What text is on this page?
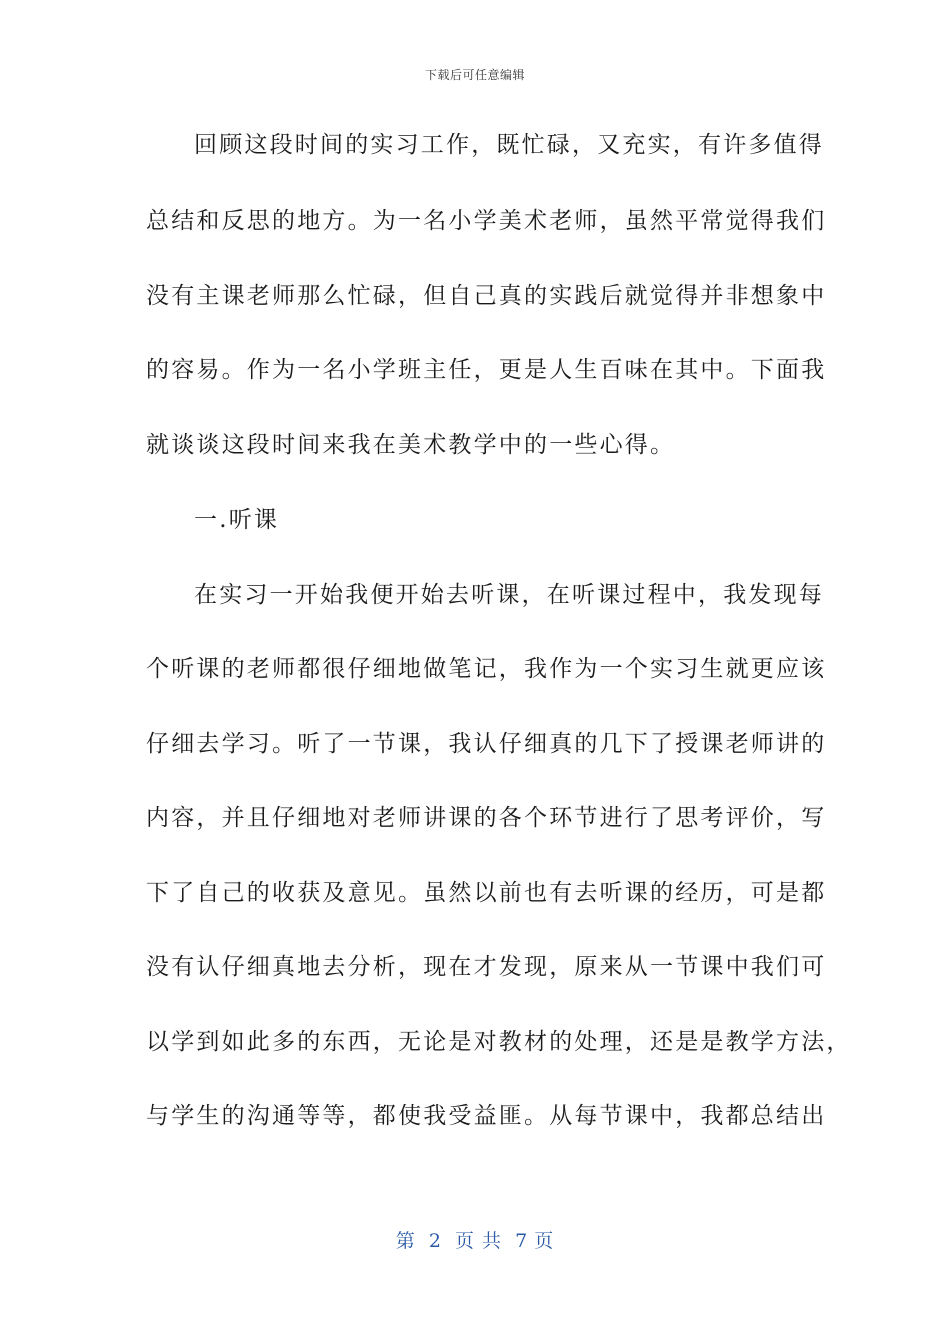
下载后可任意编辑
回顾这段时间的实习工作，既忙碌，又充实，有许多值得
总结和反思的地方。为一名小学美术老师，虽然平常觉得我们
没有主课老师那么忙碌，但自己真的实践后就觉得并非想象中
的容易。作为一名小学班主任，更是人生百味在其中。下面我
就谈谈这段时间来我在美术教学中的一些心得。
一.听课
在实习一开始我便开始去听课，在听课过程中，我发现每
个听课的老师都很仔细地做笔记，我作为一个实习生就更应该
仔细去学习。听了一节课，我认仔细真的几下了授课老师讲的
内容，并且仔细地对老师讲课的各个环节进行了思考评价，写
下了自己的收获及意见。虽然以前也有去听课的经历，可是都
没有认仔细真地去分析，现在才发现，原来从一节课中我们可
以学到如此多的东西，无论是对教材的处理，还是是教学方法，
与学生的沟通等等，都使我受益匪。从每节课中，我都总结出
第 2 页 共 7 页
